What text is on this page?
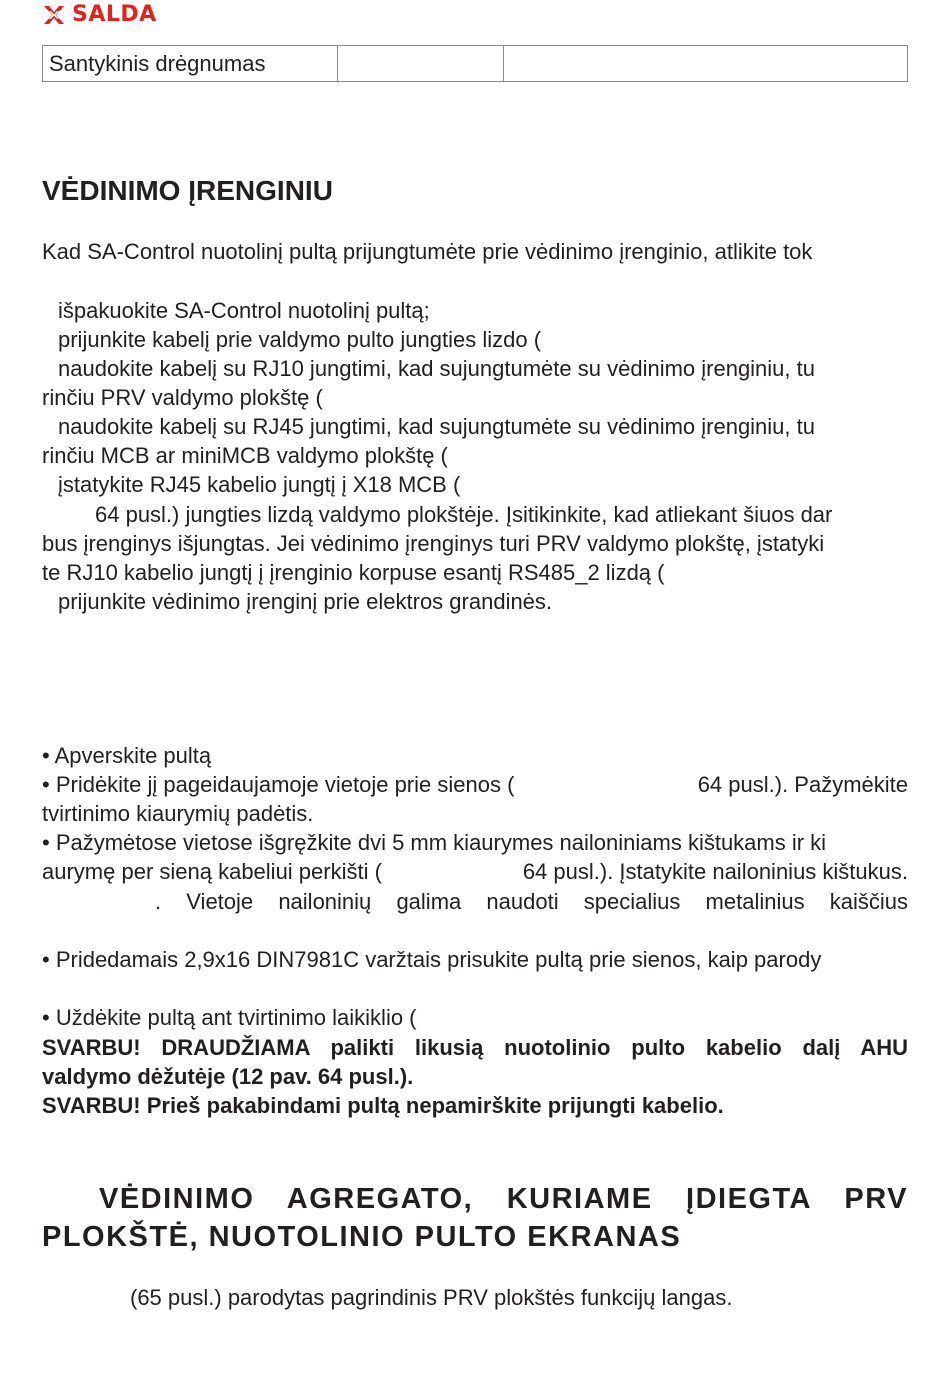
SALDA
Santykinis drėgnumas		
VĖDINIMO ĮRENGINIU
Kad SA-Control nuotolinį pultą prijungtumėte prie vėdinimo įrenginio, atlikite tok
išpakuokite SA-Control nuotolinį pultą;
prijunkite kabelį prie valdymo pulto jungties lizdo (
naudokite kabelį su RJ10 jungtimi, kad sujungtumėte su vėdinimo įrenginiu, tu
rinčiu PRV valdymo plokštę (
naudokite kabelį su RJ45 jungtimi, kad sujungtumėte su vėdinimo įrenginiu, tu
rinčiu MCB ar miniMCB valdymo plokštę (
įstatykite RJ45 kabelio jungtį į X18 MCB (
64 pusl.) jungties lizdą valdymo plokštėje. Įsitikinkite, kad atliekant šiuos dar
bus įrenginys išjungtas. Jei vėdinimo įrenginys turi PRV valdymo plokštę, įstatyki
te RJ10 kabelio jungtį į įrenginio korpuse esantį RS485_2 lizdą (
prijunkite vėdinimo įrenginį prie elektros grandinės.
• Apverskite pultą
• Pridėkite jį pageidaujamoje vietoje prie sienos (	64 pusl.). Pažymėkite
tvirtinimo kiaurymių padėtis.
• Pažymėtose vietose išgręžkite dvi 5 mm kiaurymes nailoniniams kištukams ir ki
aurymę per sieną kabeliui perkišti (	64 pusl.). Įstatykite nailoninius kištukus.
. Vietoje nailoninių galima naudoti specialius metalinius kaiščius
• Pridedamais 2,9x16 DIN7981C varžtais prisukite pultą prie sienos, kaip parody
• Uždėkite pultą ant tvirtinimo laikiklio (
SVARBU! DRAUDŽIAMA palikti likusią nuotolinio pulto kabelio dalį AHU
valdymo dėžutėje (12 pav. 64 pusl.).
SVARBU! Prieš pakabindami pultą nepamirškite prijungti kabelio.
VĖDINIMO AGREGATO, KURIAME ĮDIEGTA PRV PLOKŠTĖ, NUOTOLINIO PULTO EKRANAS
(65 pusl.) parodytas pagrindinis PRV plokštės funkcijų langas.
